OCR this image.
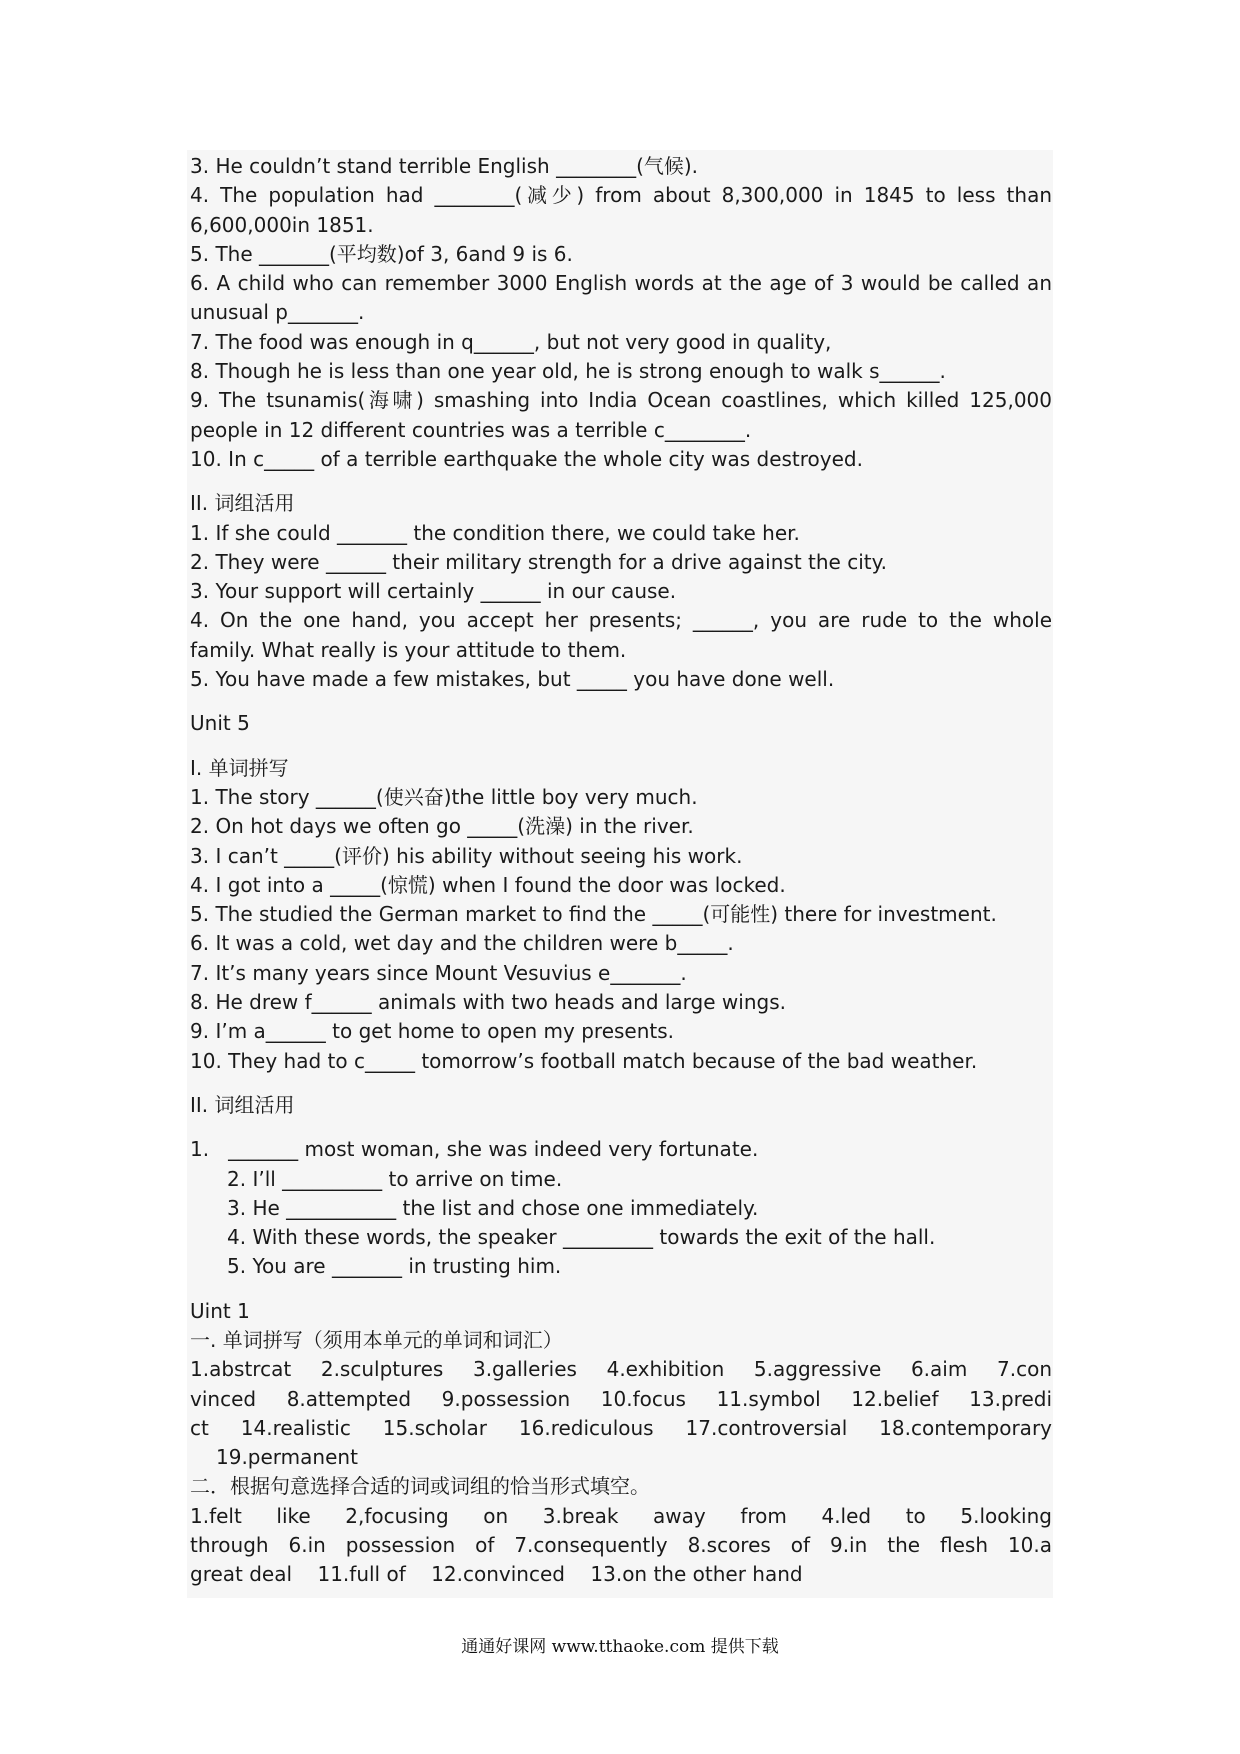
3. He couldn’t stand terrible English ________(气候).
4. The population had ________(减少) from about 8,300,000 in 1845 to less than
6,600,000in 1851.
5. The _______(平均数)of 3, 6and 9 is 6.
6. A child who can remember 3000 English words at the age of 3 would be called an
unusual p_______.
7. The food was enough in q______, but not very good in quality,
8. Though he is less than one year old, he is strong enough to walk s______.
9. The tsunamis(海啸) smashing into India Ocean coastlines, which killed 125,000
people in 12 different countries was a terrible c________.
10. In c_____ of a terrible earthquake the whole city was destroyed.
II. 词组活用
1. If she could _______ the condition there, we could take her.
2. They were ______ their military strength for a drive against the city.
3. Your support will certainly ______ in our cause.
4. On the one hand, you accept her presents; ______, you are rude to the whole
family. What really is your attitude to them.
5. You have made a few mistakes, but _____ you have done well.
Unit 5
I. 单词拼写
1. The story ______(使兴奋)the little boy very much.
2. On hot days we often go _____(洗澡) in the river.
3. I can’t _____(评价) his ability without seeing his work.
4. I got into a _____(惊慌) when I found the door was locked.
5. The studied the German market to find the _____(可能性) there for investment.
6. It was a cold, wet day and the children were b_____.
7. It’s many years since Mount Vesuvius e_______.
8. He drew f______ animals with two heads and large wings.
9. I’m a______ to get home to open my presents.
10. They had to c_____ tomorrow’s football match because of the bad weather.
II. 词组活用
1.   _______ most woman, she was indeed very fortunate.
2. I’ll __________ to arrive on time.
3. He ___________ the list and chose one immediately.
4. With these words, the speaker _________ towards the exit of the hall.
5. You are _______ in trusting him.
Uint 1
一. 单词拼写（须用本单元的单词和词汇）
1.abstrcat 2.sculptures 3.galleries 4.exhibition 5.aggressive 6.aim 7.con
vinced 8.attempted 9.possession 10.focus 11.symbol 12.belief 13.predi
ct 14.realistic 15.scholar 16.rediculous 17.controversial 18.contemporary
19.permanent
二．根据句意选择合适的词或词组的恰当形式填空。
1.felt like 2,focusing on 3.break away from 4.led to 5.looking
through 6.in possession of 7.consequently 8.scores of 9.in the flesh 10.a
great deal    11.full of    12.convinced    13.on the other hand
通通好课网 www.tthaoke.com 提供下载
